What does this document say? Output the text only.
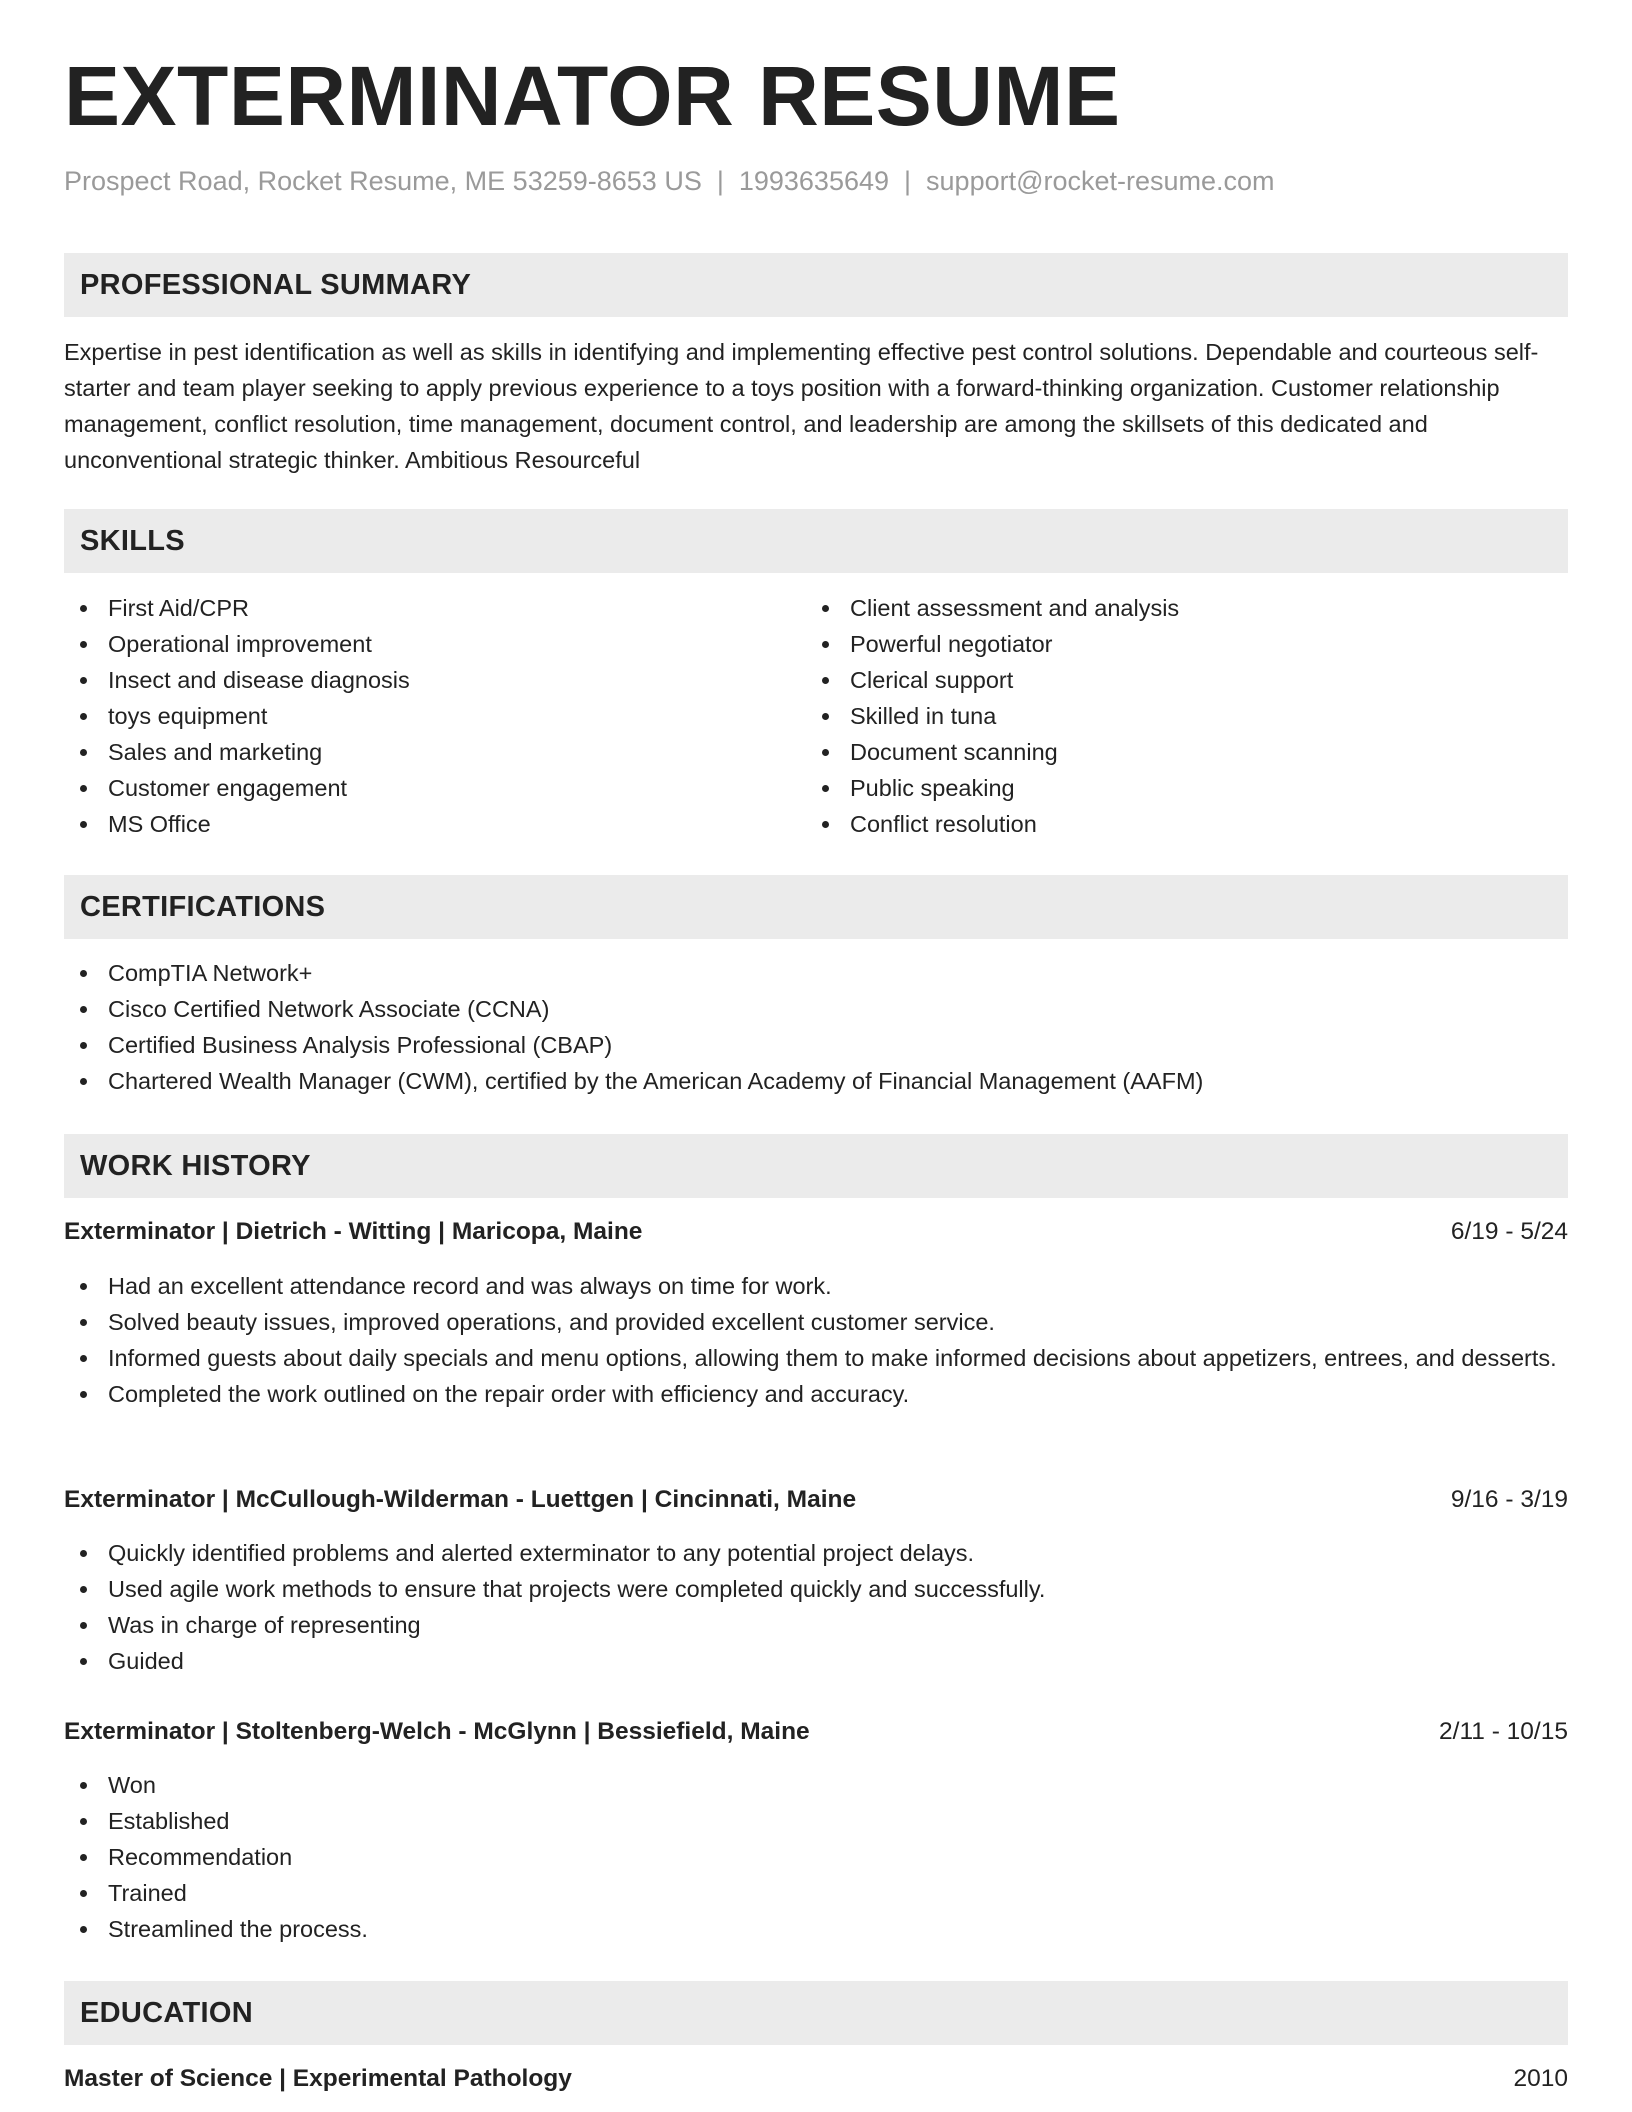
EXTERMINATOR RESUME
Prospect Road, Rocket Resume, ME 53259-8653 US | 1993635649 | support@rocket-resume.com
PROFESSIONAL SUMMARY

Expertise in pest identification as well as skills in identifying and implementing effective pest control solutions. Dependable and courteous self-starter and team player seeking to apply previous experience to a toys position with a forward-thinking organization. Customer relationship management, conflict resolution, time management, document control, and leadership are among the skillsets of this dedicated and unconventional strategic thinker. Ambitious Resourceful

SKILLS
First Aid/CPR
Operational improvement
Insect and disease diagnosis
toys equipment
Sales and marketing
Customer engagement
MS Office
Client assessment and analysis
Powerful negotiator
Clerical support
Skilled in tuna
Document scanning
Public speaking
Conflict resolution
CERTIFICATIONS
CompTIA Network+
Cisco Certified Network Associate (CCNA)
Certified Business Analysis Professional (CBAP)
Chartered Wealth Manager (CWM), certified by the American Academy of Financial Management (AAFM)
WORK HISTORY
Exterminator | Dietrich - Witting | Maricopa, Maine	6/19 - 5/24
Had an excellent attendance record and was always on time for work.
Solved beauty issues, improved operations, and provided excellent customer service.
Informed guests about daily specials and menu options, allowing them to make informed decisions about appetizers, entrees, and desserts.
Completed the work outlined on the repair order with efficiency and accuracy.
Exterminator | McCullough-Wilderman - Luettgen | Cincinnati, Maine	9/16 - 3/19
Quickly identified problems and alerted exterminator to any potential project delays.
Used agile work methods to ensure that projects were completed quickly and successfully.
Was in charge of representing
Guided
Exterminator | Stoltenberg-Welch - McGlynn | Bessiefield, Maine	2/11 - 10/15
Won
Established
Recommendation
Trained
Streamlined the process.
EDUCATION
Master of Science | Experimental Pathology	2010
